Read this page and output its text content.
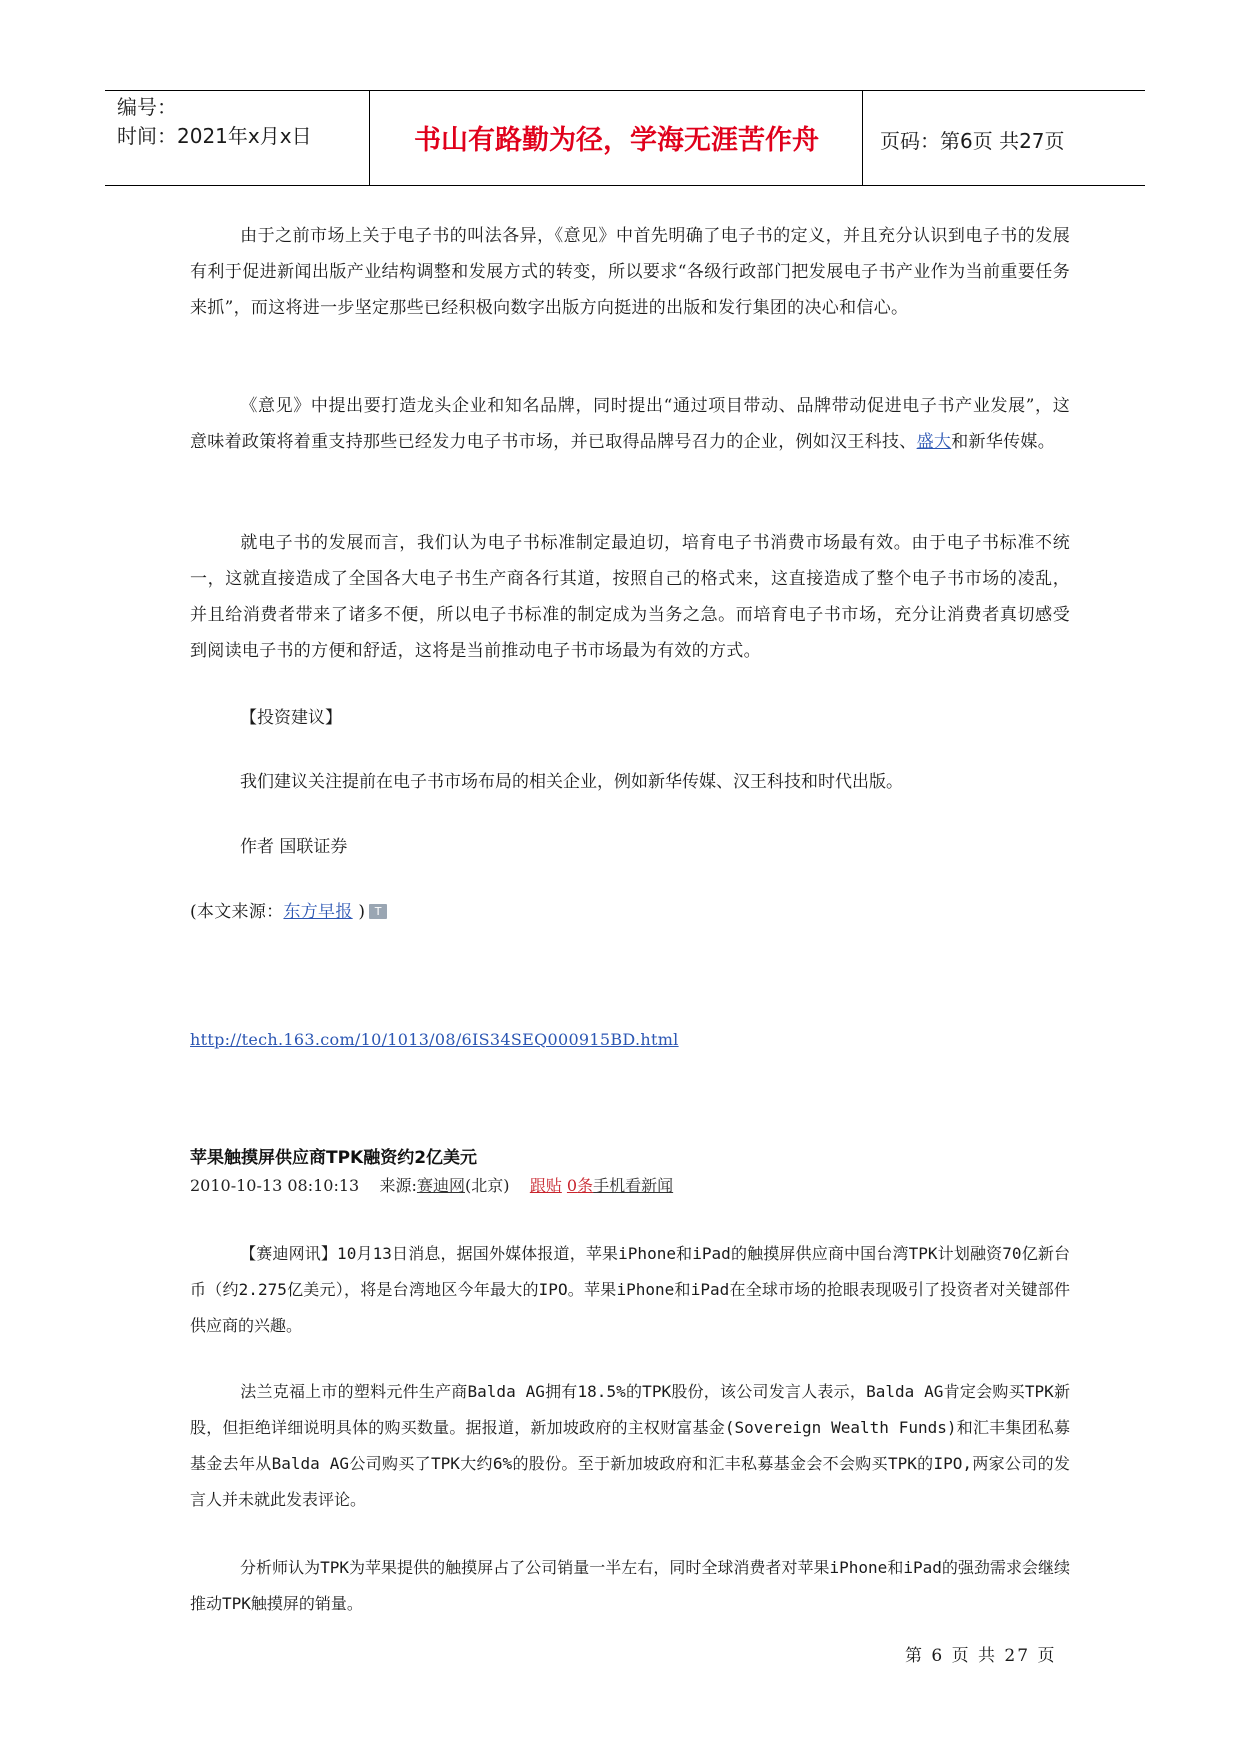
编号：
时间：2021年x月x日	书山有路勤为径，学海无涯苦作舟	页码：第6页 共27页
由于之前市场上关于电子书的叫法各异，《意见》中首先明确了电子书的定义，并且充分认识到电子书的发展有利于促进新闻出版产业结构调整和发展方式的转变，所以要求“各级行政部门把发展电子书产业作为当前重要任务来抓”，而这将进一步坚定那些已经积极向数字出版方向挺进的出版和发行集团的决心和信心。
《意见》中提出要打造龙头企业和知名品牌，同时提出“通过项目带动、品牌带动促进电子书产业发展”，这意味着政策将着重支持那些已经发力电子书市场，并已取得品牌号召力的企业，例如汉王科技、盛大和新华传媒。
就电子书的发展而言，我们认为电子书标准制定最迫切，培育电子书消费市场最有效。由于电子书标准不统一，这就直接造成了全国各大电子书生产商各行其道，按照自己的格式来，这直接造成了整个电子书市场的凌乱，并且给消费者带来了诸多不便，所以电子书标准的制定成为当务之急。而培育电子书市场，充分让消费者真切感受到阅读电子书的方便和舒适，这将是当前推动电子书市场最为有效的方式。
【投资建议】
我们建议关注提前在电子书市场布局的相关企业，例如新华传媒、汉王科技和时代出版。
作者 国联证券
(本文来源：东方早报 ) T
http://tech.163.com/10/1013/08/6IS34SEQ000915BD.html
苹果触摸屏供应商TPK融资约2亿美元
2010-10-13 08:10:13 来源:赛迪网(北京) 跟贴 0条手机看新闻
【赛迪网讯】10月13日消息，据国外媒体报道，苹果iPhone和iPad的触摸屏供应商中国台湾TPK计划融资70亿新台币（约2.275亿美元），将是台湾地区今年最大的IPO。苹果iPhone和iPad在全球市场的抢眼表现吸引了投资者对关键部件供应商的兴趣。
法兰克福上市的塑料元件生产商Balda AG拥有18.5%的TPK股份，该公司发言人表示，Balda AG肯定会购买TPK新股，但拒绝详细说明具体的购买数量。据报道，新加坡政府的主权财富基金(Sovereign Wealth Funds)和汇丰集团私募基金去年从Balda AG公司购买了TPK大约6%的股份。至于新加坡政府和汇丰私募基金会不会购买TPK的IPO,两家公司的发言人并未就此发表评论。
分析师认为TPK为苹果提供的触摸屏占了公司销量一半左右，同时全球消费者对苹果iPhone和iPad的强劲需求会继续推动TPK触摸屏的销量。
第 6 页 共 27 页
